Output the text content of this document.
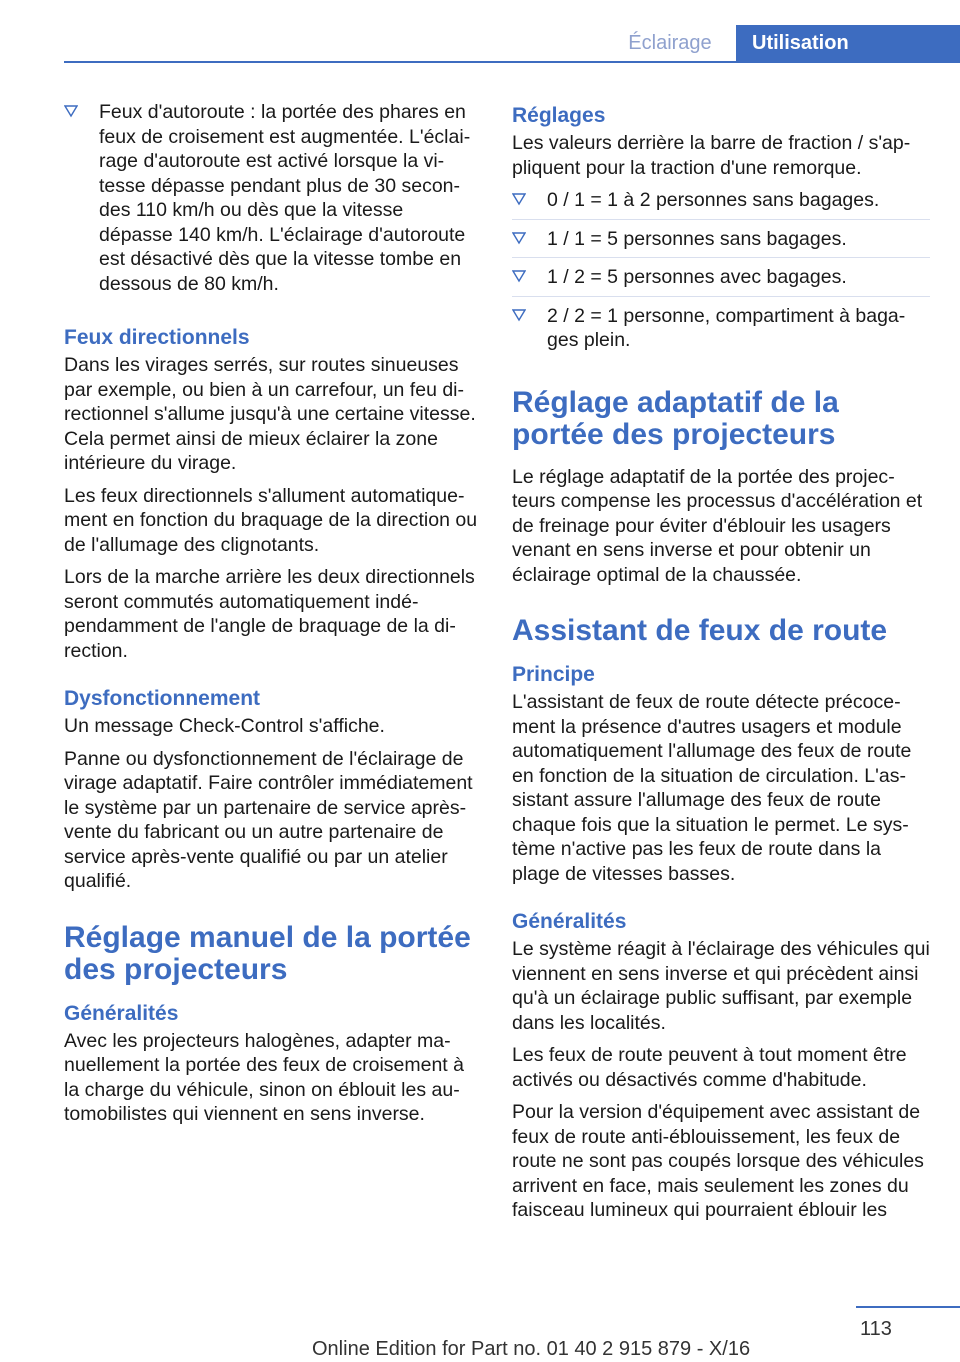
Éclairage	Utilisation
Feux d'autoroute : la portée des phares en feux de croisement est augmentée. L'éclairage d'autoroute est activé lorsque la vitesse dépasse pendant plus de 30 secondes 110 km/h ou dès que la vitesse dépasse 140 km/h. L'éclairage d'autoroute est désactivé dès que la vitesse tombe en dessous de 80 km/h.
Feux directionnels

Dans les virages serrés, sur routes sinueuses par exemple, ou bien à un carrefour, un feu directionnel s'allume jusqu'à une certaine vitesse. Cela permet ainsi de mieux éclairer la zone intérieure du virage.

Les feux directionnels s'allument automatiquement en fonction du braquage de la direction ou de l'allumage des clignotants.

Lors de la marche arrière les deux directionnels seront commutés automatiquement indépendamment de l'angle de braquage de la direction.

Dysfonctionnement

Un message Check-Control s'affiche.

Panne ou dysfonctionnement de l'éclairage de virage adaptatif. Faire contrôler immédiatement le système par un partenaire de service après-vente du fabricant ou un autre partenaire de service après-vente qualifié ou par un atelier qualifié.

Réglage manuel de la portée des projecteurs
Généralités

Avec les projecteurs halogènes, adapter manuellement la portée des feux de croisement à la charge du véhicule, sinon on éblouit les automobilistes qui viennent en sens inverse.

Réglages

Les valeurs derrière la barre de fraction / s'appliquent pour la traction d'une remorque.

0 / 1 = 1 à 2 personnes sans bagages.
1 / 1 = 5 personnes sans bagages.
1 / 2 = 5 personnes avec bagages.
2 / 2 = 1 personne, compartiment à bagages plein.
Réglage adaptatif de la portée des projecteurs

Le réglage adaptatif de la portée des projecteurs compense les processus d'accélération et de freinage pour éviter d'éblouir les usagers venant en sens inverse et pour obtenir un éclairage optimal de la chaussée.

Assistant de feux de route
Principe

L'assistant de feux de route détecte précocement la présence d'autres usagers et module automatiquement l'allumage des feux de route en fonction de la situation de circulation. L'assistant assure l'allumage des feux de route chaque fois que la situation le permet. Le système n'active pas les feux de route dans la plage de vitesses basses.

Généralités

Le système réagit à l'éclairage des véhicules qui viennent en sens inverse et qui précèdent ainsi qu'à un éclairage public suffisant, par exemple dans les localités.

Les feux de route peuvent à tout moment être activés ou désactivés comme d'habitude.

Pour la version d'équipement avec assistant de feux de route anti-éblouissement, les feux de route ne sont pas coupés lorsque des véhicules arrivent en face, mais seulement les zones du faisceau lumineux qui pourraient éblouir les

113
Online Edition for Part no. 01 40 2 915 879 - X/16
